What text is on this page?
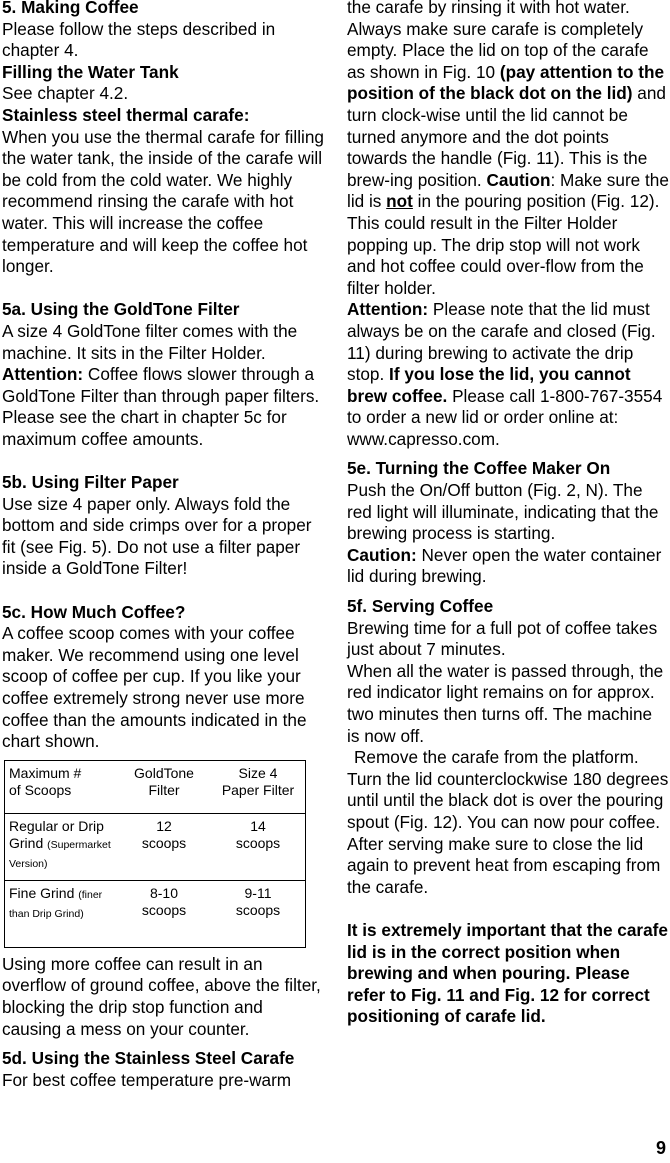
5. Making Coffee

Please follow the steps described in chapter 4.

Filling the Water Tank

See chapter 4.2.

Stainless steel thermal carafe:

When you use the thermal carafe for filling the water tank, the inside of the carafe will be cold from the cold water. We highly recommend rinsing the carafe with hot water. This will increase the coffee temperature and will keep the coffee hot longer.

5a. Using the GoldTone Filter

A size 4 GoldTone filter comes with the machine. It sits in the Filter Holder.

Attention: Coffee flows slower through a GoldTone Filter than through paper filters. Please see the chart in chapter 5c for maximum coffee amounts.

5b. Using Filter Paper

Use size 4 paper only. Always fold the bottom and side crimps over for a proper fit (see Fig. 5). Do not use a filter paper inside a GoldTone Filter!

5c. How Much Coffee?

A coffee scoop comes with your coffee maker. We recommend using one level scoop of coffee per cup. If you like your coffee extremely strong never use more coffee than the amounts indicated in the chart shown.

Maximum #
of Scoops
GoldTone
Filter
Size 4
Paper Filter
Regular or Drip Grind (Supermarket Version)
12
scoops
14
scoops
Fine Grind (finer than Drip Grind)
8-10
scoops
9-11
scoops

Using more coffee can result in an overflow of ground coffee, above the filter, blocking the drip stop function and causing a mess on your counter.

5d. Using the Stainless Steel Carafe

For best coffee temperature pre-warm

the carafe by rinsing it with hot water. Always make sure carafe is completely empty. Place the lid on top of the carafe as shown in Fig. 10 (pay attention to the position of the black dot on the lid) and turn clock-wise until the lid cannot be turned anymore and the dot points towards the handle (Fig. 11). This is the brew-ing position. Caution: Make sure the lid is not in the pouring position (Fig. 12). This could result in the Filter Holder popping up. The drip stop will not work and hot coffee could over-flow from the filter holder.

Attention: Please note that the lid must always be on the carafe and closed (Fig. 11) during brewing to activate the drip stop. If you lose the lid, you cannot brew coffee. Please call 1-800-767-3554 to order a new lid or order online at: www.capresso.com.

5e. Turning the Coffee Maker On

Push the On/Off button (Fig. 2, N). The red light will illuminate, indicating that the brewing process is starting.

Caution: Never open the water container lid during brewing.

5f. Serving Coffee

Brewing time for a full pot of coffee takes just about 7 minutes.

When all the water is passed through, the red indicator light remains on for approx. two minutes then turns off. The machine is now off.

Remove the carafe from the platform. Turn the lid counterclockwise 180 degrees until until the black dot is over the pouring spout (Fig. 12). You can now pour coffee. After serving make sure to close the lid again to prevent heat from escaping from the carafe.

It is extremely important that the carafe lid is in the correct position when brewing and when pouring. Please refer to Fig. 11 and Fig. 12 for correct positioning of carafe lid.

9
